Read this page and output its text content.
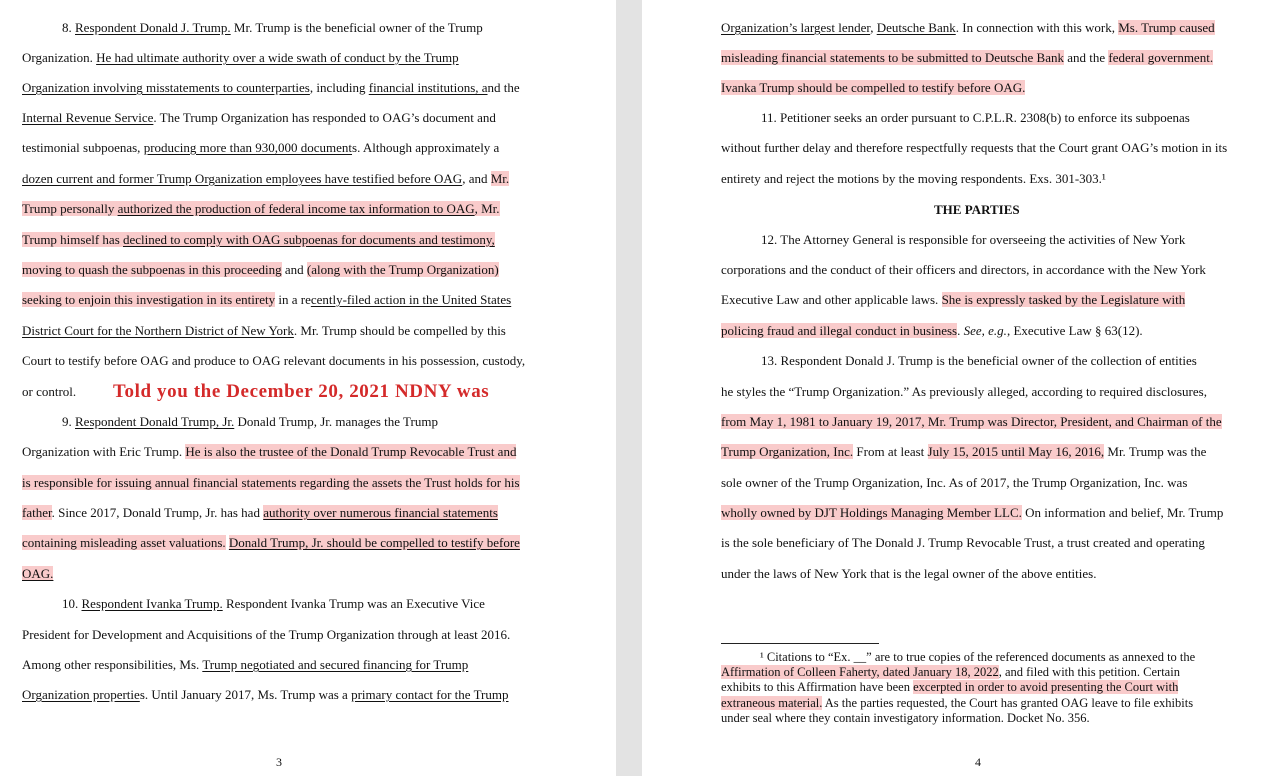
8. Respondent Donald J. Trump. Mr. Trump is the beneficial owner of the Trump
Organization. He had ultimate authority over a wide swath of conduct by the Trump
Organization involving misstatements to counterparties, including financial institutions, and the
Internal Revenue Service. The Trump Organization has responded to OAG’s document and
testimonial subpoenas, producing more than 930,000 documents. Although approximately a
dozen current and former Trump Organization employees have testified before OAG, and Mr.
Trump personally authorized the production of federal income tax information to OAG, Mr.
Trump himself has declined to comply with OAG subpoenas for documents and testimony,
moving to quash the subpoenas in this proceeding and (along with the Trump Organization)
seeking to enjoin this investigation in its entirety in a recently-filed action in the United States
District Court for the Northern District of New York. Mr. Trump should be compelled by this
Court to testify before OAG and produce to OAG relevant documents in his possession, custody,
or control.
9. Respondent Donald Trump, Jr. Donald Trump, Jr. manages the Trump
Organization with Eric Trump. He is also the trustee of the Donald Trump Revocable Trust and
is responsible for issuing annual financial statements regarding the assets the Trust holds for his
father. Since 2017, Donald Trump, Jr. has had authority over numerous financial statements
containing misleading asset valuations. Donald Trump, Jr. should be compelled to testify before
OAG.
10. Respondent Ivanka Trump. Respondent Ivanka Trump was an Executive Vice
President for Development and Acquisitions of the Trump Organization through at least 2016.
Among other responsibilities, Ms. Trump negotiated and secured financing for Trump
Organization properties. Until January 2017, Ms. Trump was a primary contact for the Trump
Told you the December 20, 2021 NDNY was
3
Organization’s largest lender, Deutsche Bank. In connection with this work, Ms. Trump caused
misleading financial statements to be submitted to Deutsche Bank and the federal government.
Ivanka Trump should be compelled to testify before OAG.
11. Petitioner seeks an order pursuant to C.P.L.R. 2308(b) to enforce its subpoenas
without further delay and therefore respectfully requests that the Court grant OAG’s motion in its
entirety and reject the motions by the moving respondents. Exs. 301-303.¹
12. The Attorney General is responsible for overseeing the activities of New York
corporations and the conduct of their officers and directors, in accordance with the New York
Executive Law and other applicable laws. She is expressly tasked by the Legislature with
policing fraud and illegal conduct in business. See, e.g., Executive Law § 63(12).
13. Respondent Donald J. Trump is the beneficial owner of the collection of entities
he styles the “Trump Organization.” As previously alleged, according to required disclosures,
from May 1, 1981 to January 19, 2017, Mr. Trump was Director, President, and Chairman of the
Trump Organization, Inc. From at least July 15, 2015 until May 16, 2016, Mr. Trump was the
sole owner of the Trump Organization, Inc. As of 2017, the Trump Organization, Inc. was
wholly owned by DJT Holdings Managing Member LLC. On information and belief, Mr. Trump
is the sole beneficiary of The Donald J. Trump Revocable Trust, a trust created and operating
under the laws of New York that is the legal owner of the above entities.
THE PARTIES
¹ Citations to “Ex. __” are to true copies of the referenced documents as annexed to the
Affirmation of Colleen Faherty, dated January 18, 2022, and filed with this petition. Certain
exhibits to this Affirmation have been excerpted in order to avoid presenting the Court with
extraneous material. As the parties requested, the Court has granted OAG leave to file exhibits
under seal where they contain investigatory information. Docket No. 356.
4
